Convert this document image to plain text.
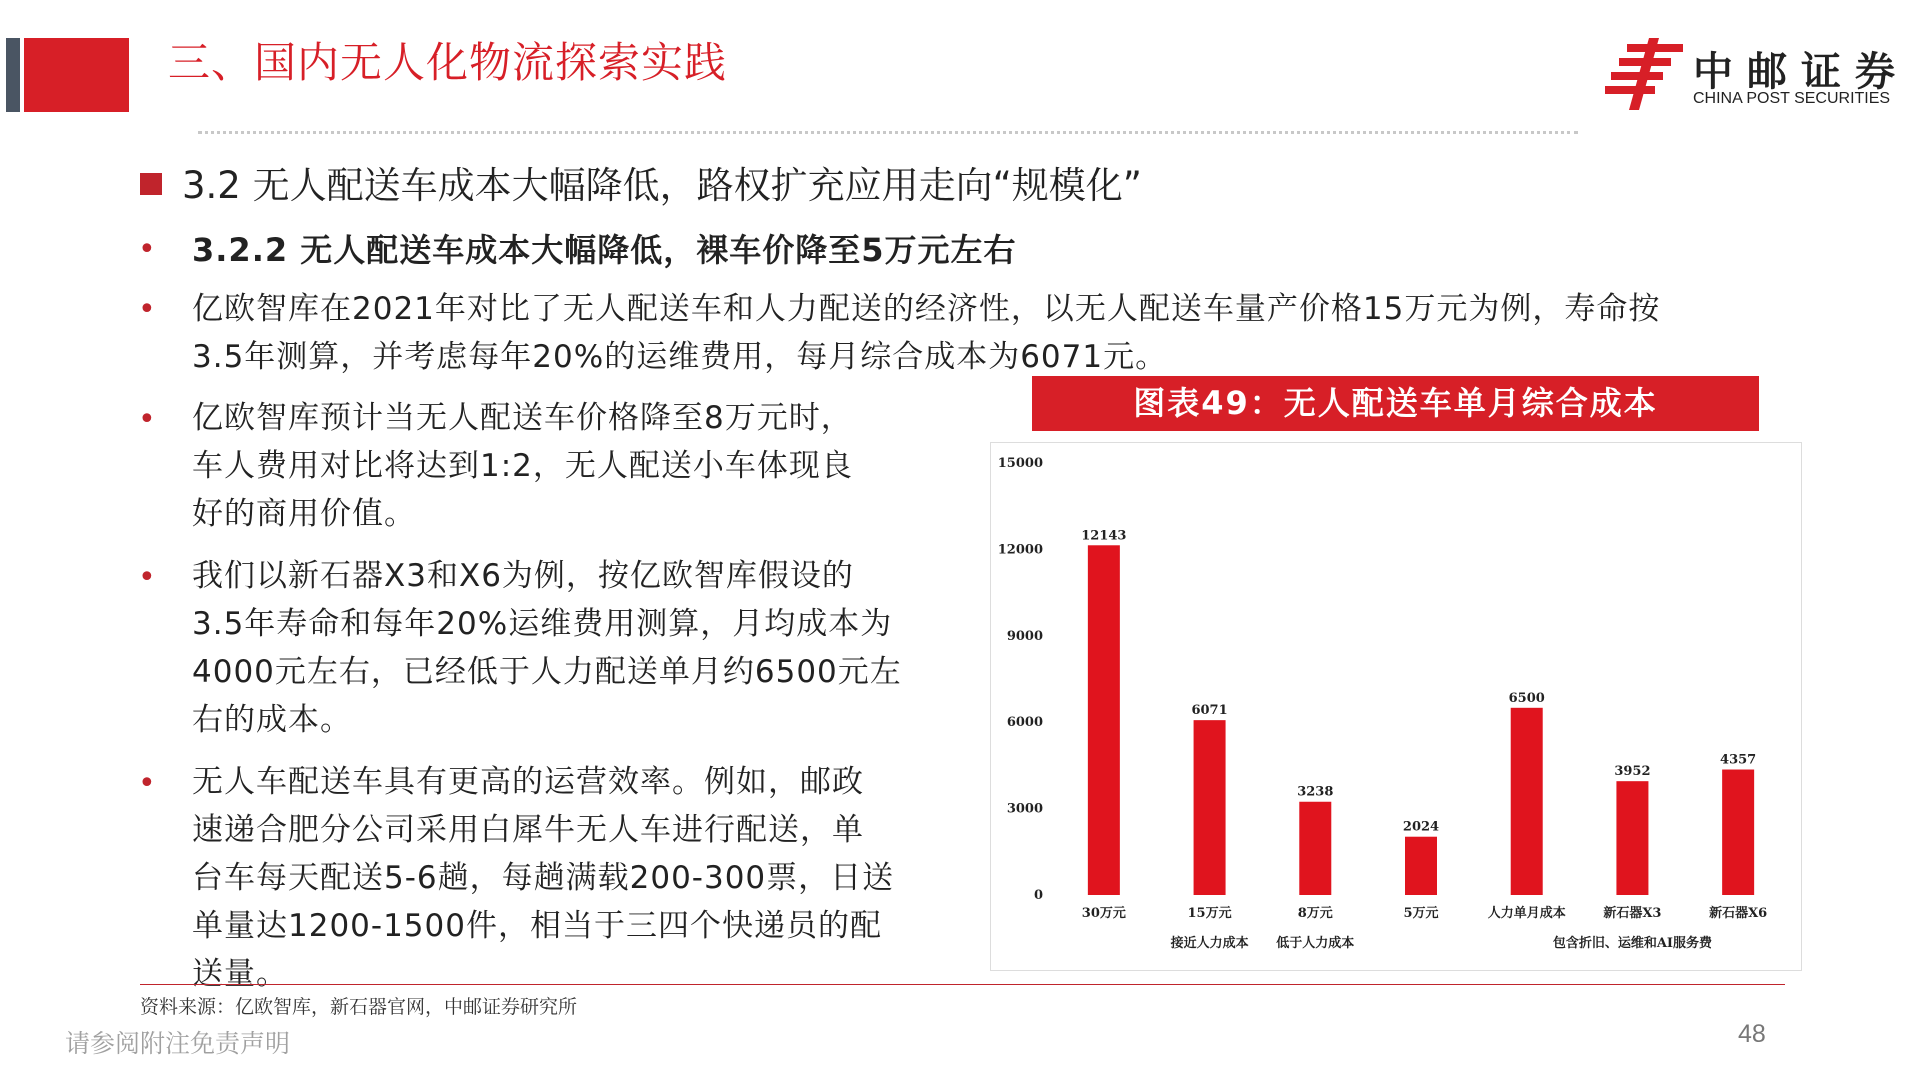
三、国内无人化物流探索实践	中邮证券
CHINA POST SECURITIES
3.2 无人配送车成本大幅降低，路权扩充应用走向“规模化”
• 3.2.2 无人配送车成本大幅降低，裸车价降至5万元左右
• 亿欧智库在2021年对比了无人配送车和人力配送的经济性，以无人配送车量产价格15万元为例，寿命按
3.5年测算，并考虑每年20%的运维费用，每月综合成本为6071元。
• 亿欧智库预计当无人配送车价格降至8万元时，
车人费用对比将达到1:2，无人配送小车体现良
好的商用价值。
• 我们以新石器X3和X6为例，按亿欧智库假设的
3.5年寿命和每年20%运维费用测算，月均成本为
4000元左右，已经低于人力配送单月约6500元左
右的成本。
• 无人车配送车具有更高的运营效率。例如，邮政
速递合肥分公司采用白犀牛无人车进行配送，单
台车每天配送5-6趟，每趟满载200-300票，日送
单量达1200-1500件，相当于三四个快递员的配
送量。
图表49：无人配送车单月综合成本
0
3000
6000
9000
12000
15000
12143
30万元
6071
15万元
3238
8万元
2024
5万元
6500
人力单月成本
3952
新石器X3
4357
新石器X6
接近人力成本 低于人力成本	包含折旧、运维和AI服务费
资料来源：亿欧智库，新石器官网，中邮证券研究所
请参阅附注免责声明	48
